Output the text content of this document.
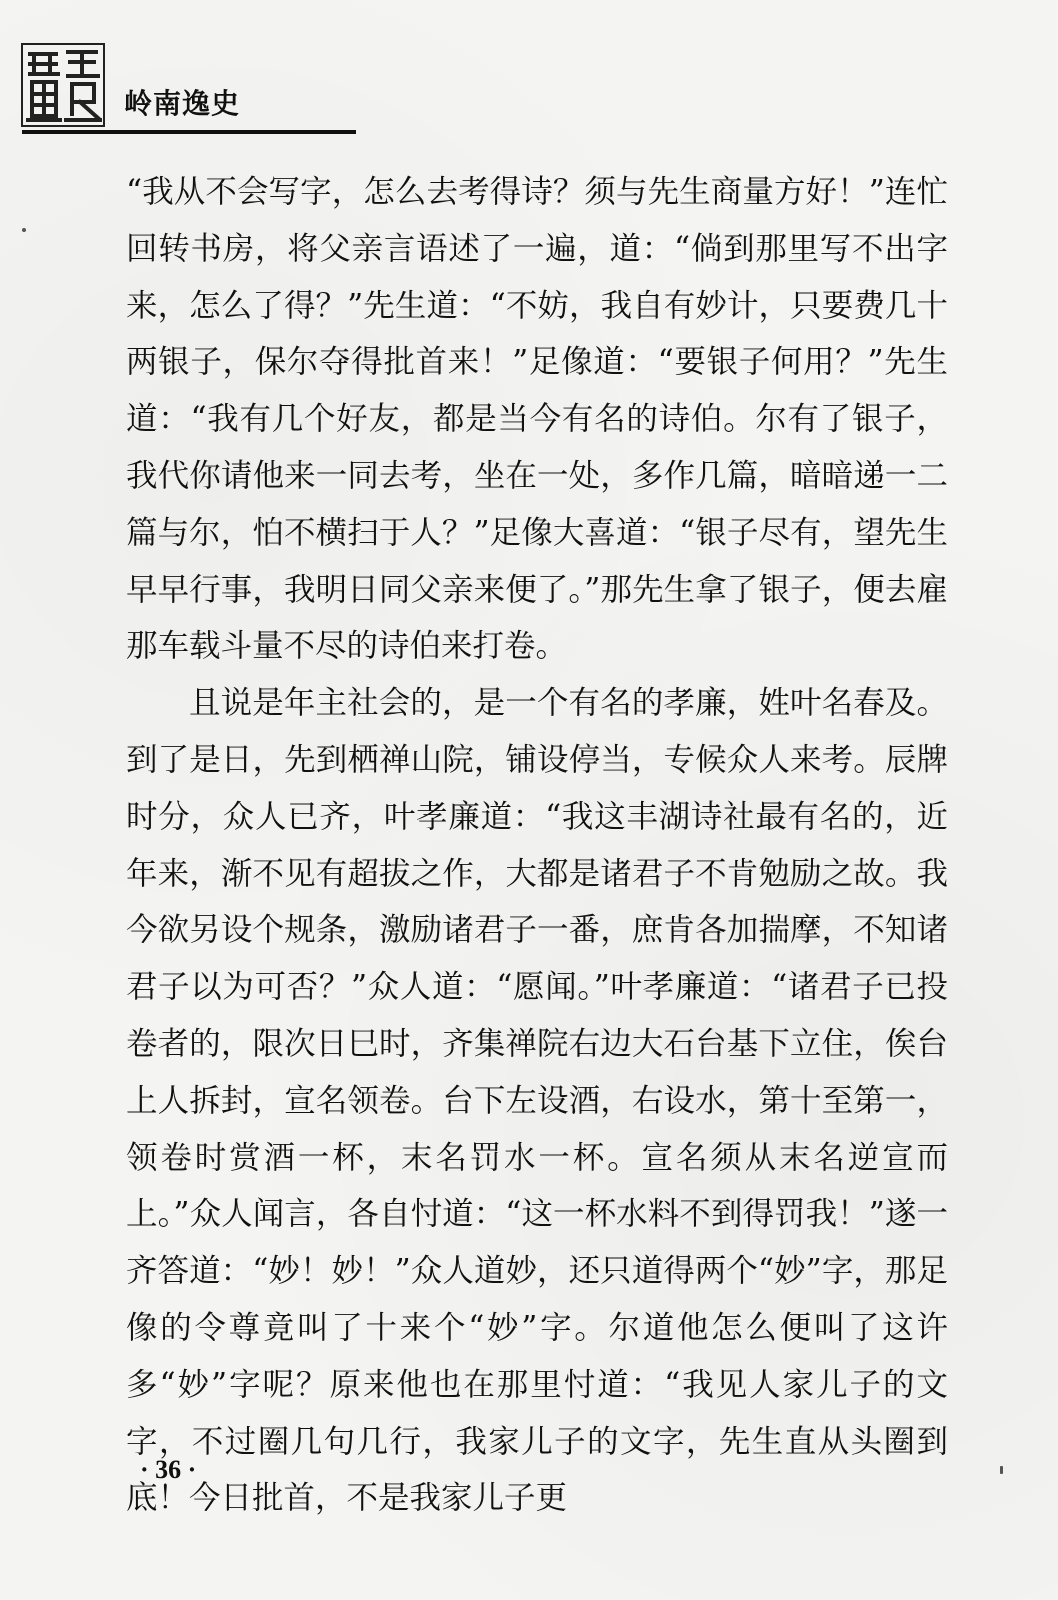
岭南逸史

“我从不会写字，怎么去考得诗？须与先生商量方好！”连忙回转书房，将父亲言语述了一遍，道：“倘到那里写不出字来，怎么了得？”先生道：“不妨，我自有妙计，只要费几十两银子，保尔夺得批首来！”足像道：“要银子何用？”先生道：“我有几个好友，都是当今有名的诗伯。尔有了银子，我代你请他来一同去考，坐在一处，多作几篇，暗暗递一二篇与尔，怕不横扫于人？”足像大喜道：“银子尽有，望先生早早行事，我明日同父亲来便了。”那先生拿了银子，便去雇那车载斗量不尽的诗伯来打卷。

且说是年主社会的，是一个有名的孝廉，姓叶名春及。到了是日，先到栖禅山院，铺设停当，专候众人来考。辰牌时分，众人已齐，叶孝廉道：“我这丰湖诗社最有名的，近年来，渐不见有超拔之作，大都是诸君子不肯勉励之故。我今欲另设个规条，激励诸君子一番，庶肯各加揣摩，不知诸君子以为可否？”众人道：“愿闻。”叶孝廉道：“诸君子已投卷者的，限次日巳时，齐集禅院右边大石台基下立住，俟台上人拆封，宣名领卷。台下左设酒，右设水，第十至第一，领卷时赏酒一杯，末名罚水一杯。宣名须从末名逆宣而上。”众人闻言，各自忖道：“这一杯水料不到得罚我！”遂一齐答道：“妙！妙！”众人道妙，还只道得两个“妙”字，那足像的令尊竟叫了十来个“妙”字。尔道他怎么便叫了这许多“妙”字呢？原来他也在那里忖道：“我见人家儿子的文字，不过圈几句几行，我家儿子的文字，先生直从头圈到底！今日批首，不是我家儿子更

· 36 ·
